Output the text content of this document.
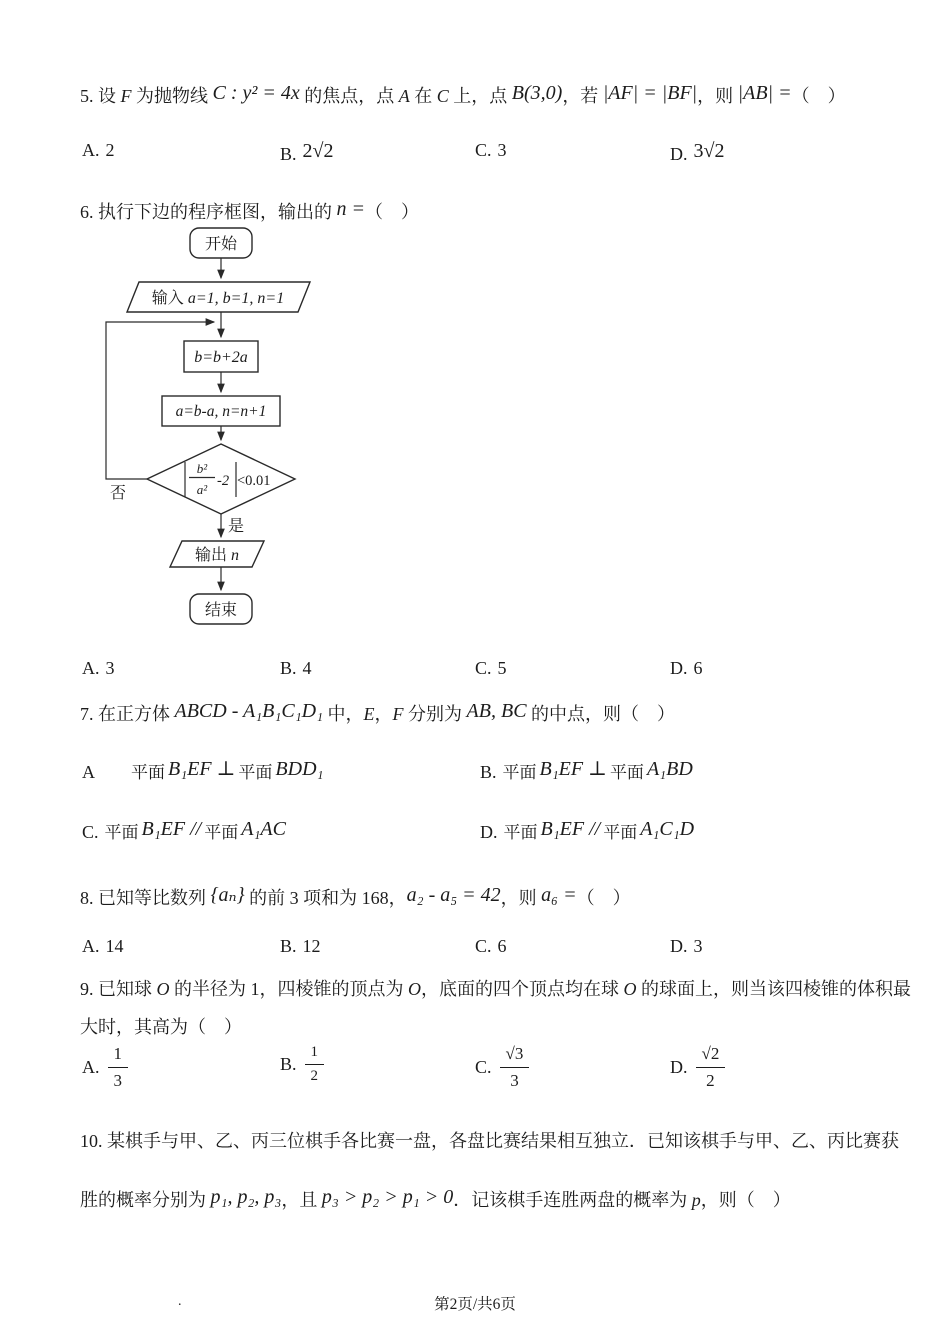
5. 设 F 为抛物线 C : y² = 4x 的焦点，点 A 在 C 上，点 B(3,0)，若 |AF| = |BF|，则 |AB| =（　）
A. 2	B. 2√2	C. 3	D. 3√2
6. 执行下边的程序框图，输出的 n =（　）
开始
输入 a=1, b=1, n=1
b=b+2a
a=b-a, n=n+1
b²
a²
-2 <0.01
否
是
输出 n
结束
A. 3	B. 4	C. 5	D. 6
7. 在正方体 ABCD - A₁B₁C₁D₁ 中，E，F 分别为 AB, BC 的中点，则（　）
A 平面 B₁EF ⊥ 平面 BDD₁	B. 平面 B₁EF ⊥ 平面 A₁BD
C. 平面 B₁EF // 平面 A₁AC	D. 平面 B₁EF // 平面 A₁C₁D
8. 已知等比数列 {aₙ} 的前 3 项和为 168，a₂ - a₅ = 42，则 a₆ =（　）
A. 14	B. 12	C. 6	D. 3
9. 已知球 O 的半径为 1，四棱锥的顶点为 O，底面的四个顶点均在球 O 的球面上，则当该四棱锥的体积最
大时，其高为（　）
A. $\frac{1}{3}$	B. $\frac{1}{2}$	C. $\frac{√3}{3}$	D. $\frac{√2}{2}$
10. 某棋手与甲、乙、丙三位棋手各比赛一盘，各盘比赛结果相互独立．已知该棋手与甲、乙、丙比赛获
胜的概率分别为 p₁, p₂, p₃，且 p₃ > p₂ > p₁ > 0．记该棋手连胜两盘的概率为 p，则（　）
.	第2页/共6页
